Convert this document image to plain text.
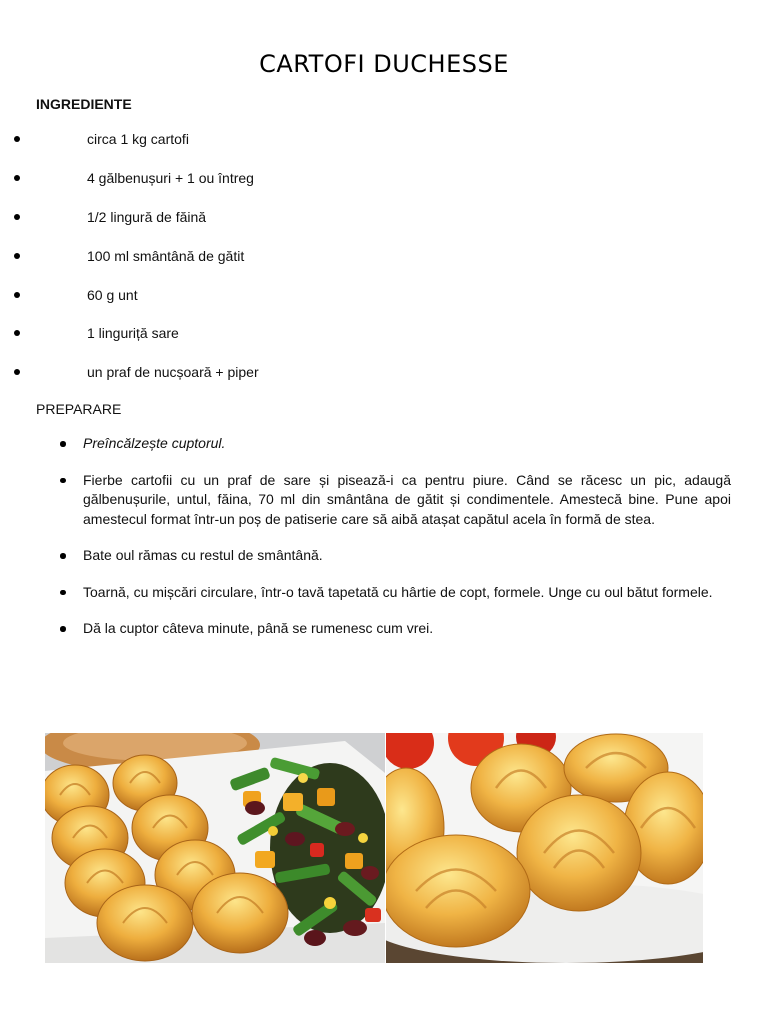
CARTOFI DUCHESSE
INGREDIENTE
circa 1 kg cartofi
4 gălbenușuri + 1 ou întreg
1/2 lingură de făină
100 ml smântână de gătit
60 g unt
1 linguriță sare
un praf de nucșoară + piper
PREPARARE
Preîncălzește cuptorul.
Fierbe cartofii cu un praf de sare și pisează-i ca pentru piure. Când se răcesc un pic, adaugă gălbenușurile, untul, făina, 70 ml din smântâna de gătit și condimentele. Amestecă bine. Pune apoi amestecul format într-un poș de patiserie care să aibă atașat capătul acela în formă de stea.
Bate oul rămas cu restul de smântână.
Toarnă, cu mișcări circulare, într-o tavă tapetată cu hârtie de copt, formele. Unge cu oul bătut formele.
Dă la cuptor câteva minute, până se rumenesc cum vrei.
